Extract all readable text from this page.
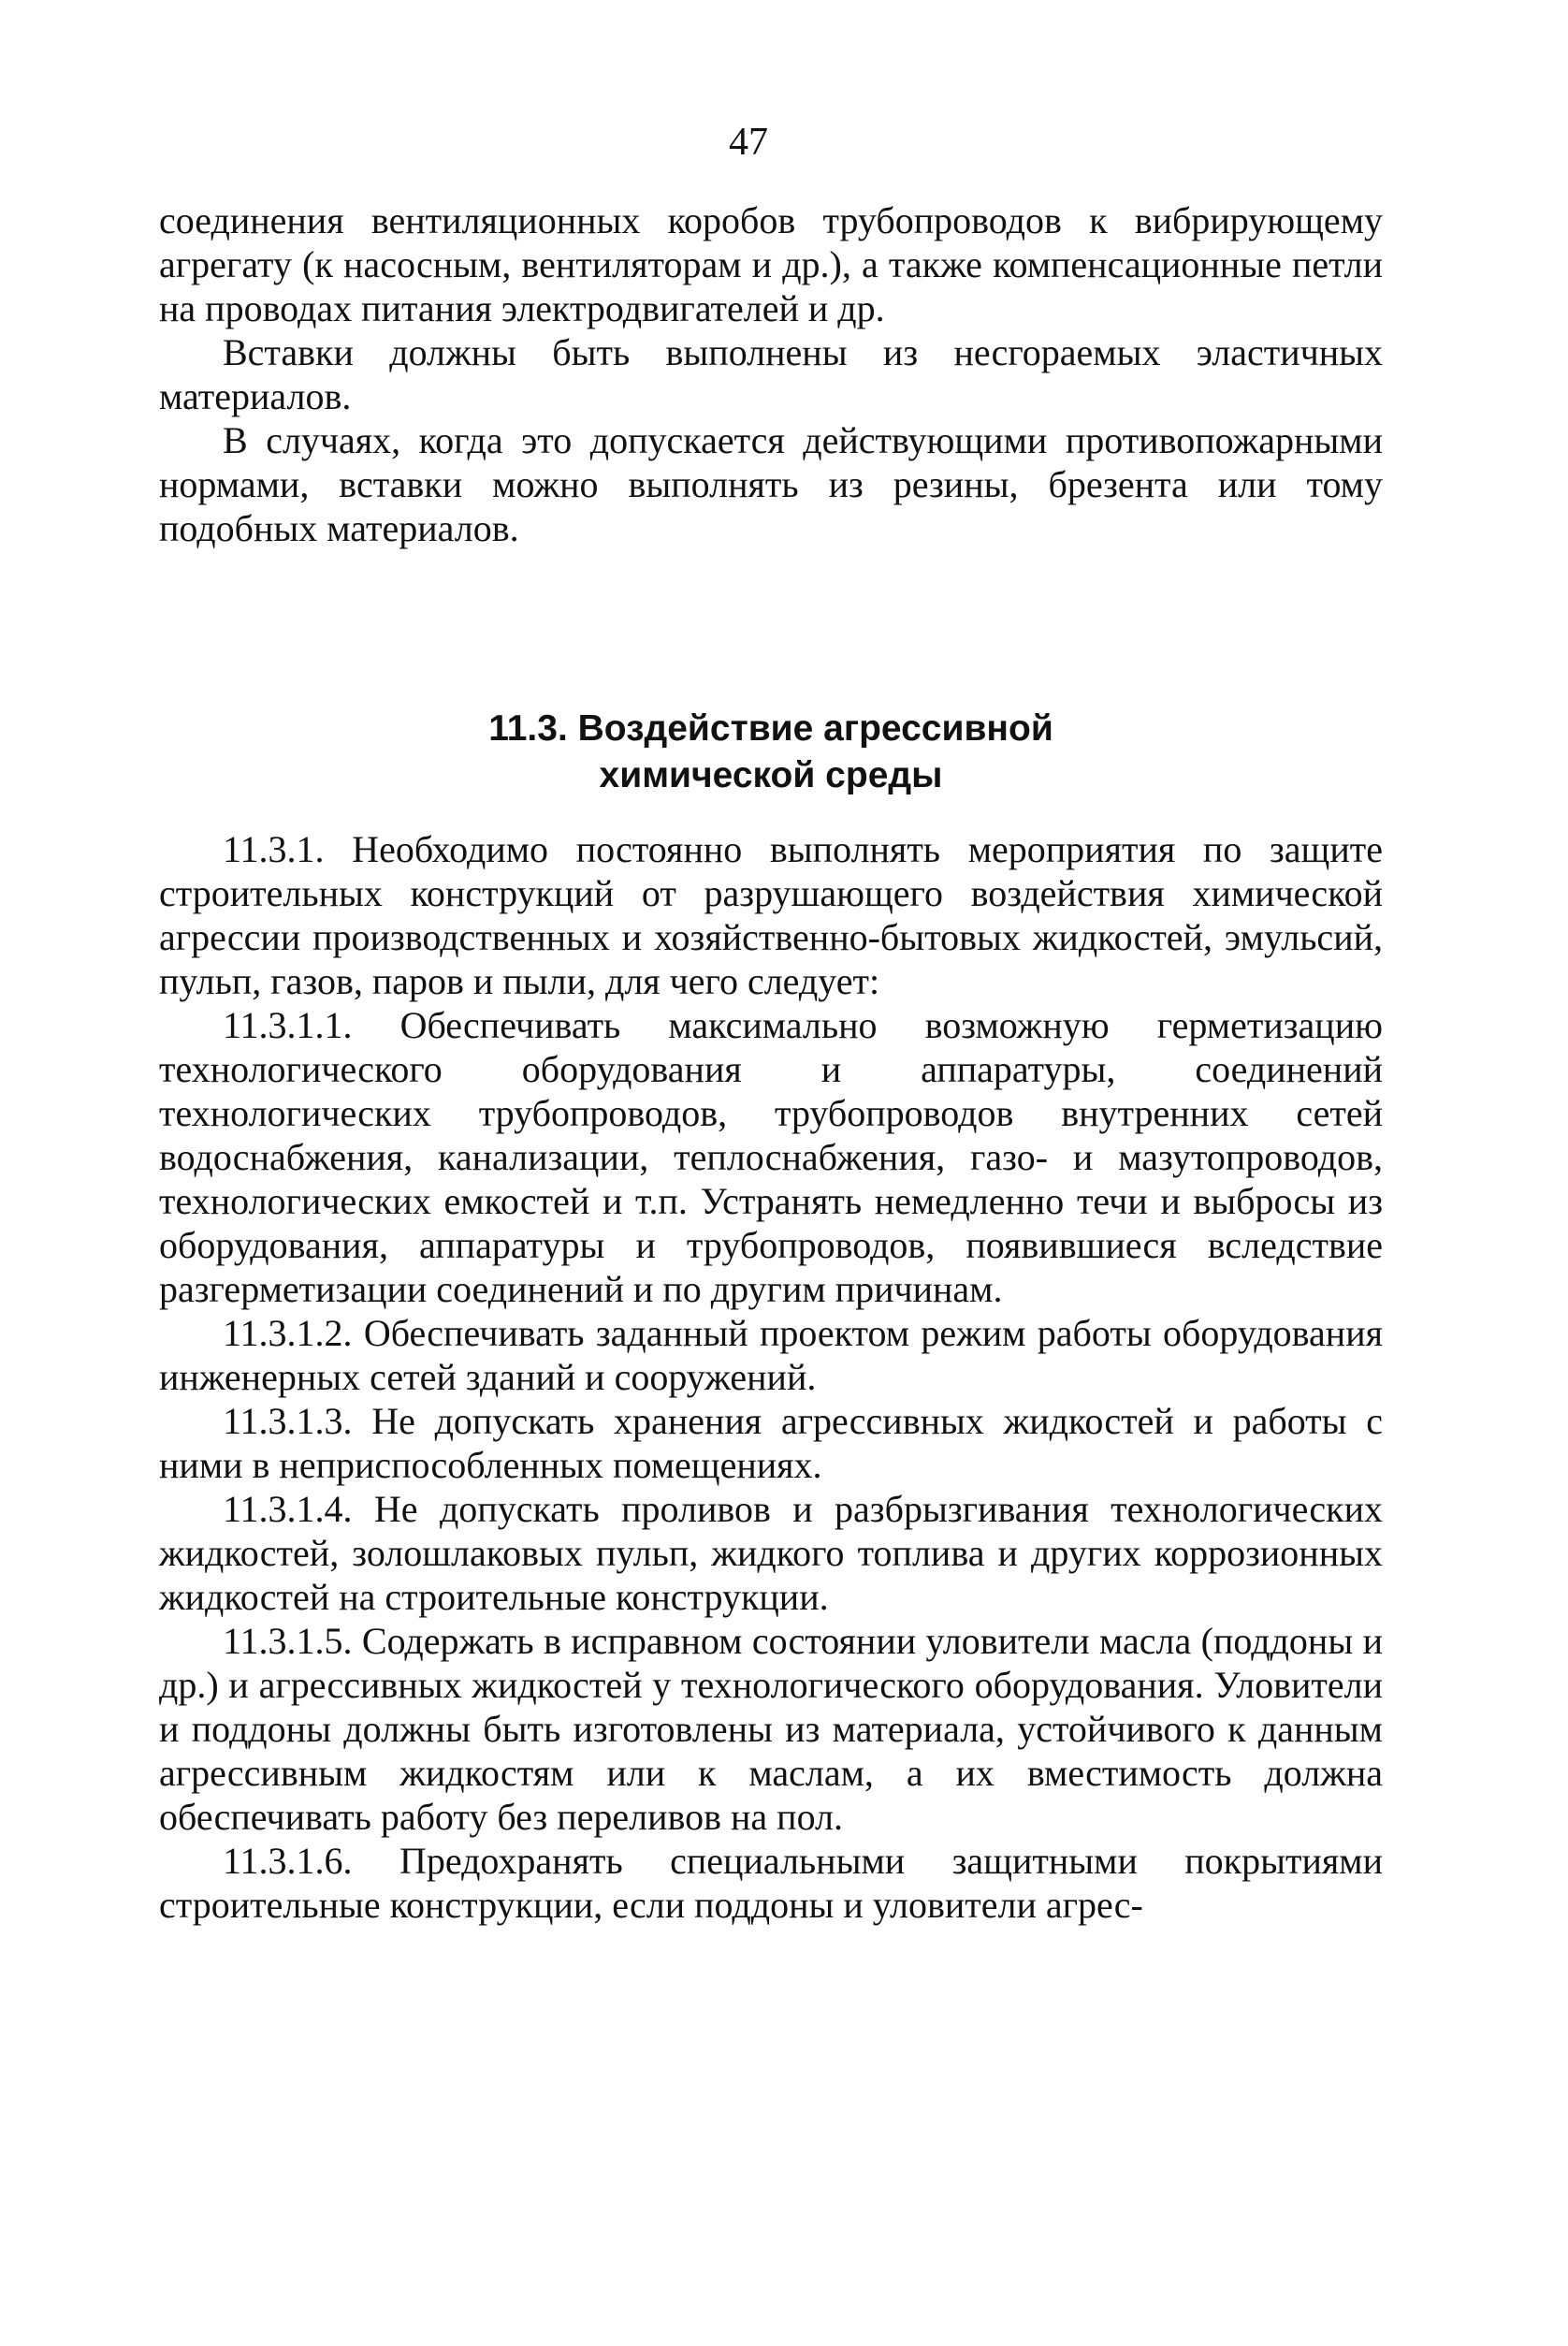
47

соединения вентиляционных коробов трубопроводов к вибрирующему агрегату (к насосным, вентиляторам и др.), а также компенсационные петли на проводах питания электродвигателей и др.

Вставки должны быть выполнены из несгораемых эластичных материалов.

В случаях, когда это допускается действующими противопожарными нормами, вставки можно выполнять из резины, брезента или тому подобных материалов.

11.3. Воздействие агрессивной
химической среды

11.3.1. Необходимо постоянно выполнять мероприятия по защите строительных конструкций от разрушающего воздействия химической агрессии производственных и хозяйственно-бытовых жидкостей, эмульсий, пульп, газов, паров и пыли, для чего следует:

11.3.1.1. Обеспечивать максимально возможную герметизацию технологического оборудования и аппаратуры, соединений технологических трубопроводов, трубопроводов внутренних сетей водоснабжения, канализации, теплоснабжения, газо- и мазутопроводов, технологических емкостей и т.п. Устранять немедленно течи и выбросы из оборудования, аппаратуры и трубопроводов, появившиеся вследствие разгерметизации соединений и по другим причинам.

11.3.1.2. Обеспечивать заданный проектом режим работы оборудования инженерных сетей зданий и сооружений.

11.3.1.3. Не допускать хранения агрессивных жидкостей и работы с ними в неприспособленных помещениях.

11.3.1.4. Не допускать проливов и разбрызгивания технологических жидкостей, золошлаковых пульп, жидкого топлива и других коррозионных жидкостей на строительные конструкции.

11.3.1.5. Содержать в исправном состоянии уловители масла (поддоны и др.) и агрессивных жидкостей у технологического оборудования. Уловители и поддоны должны быть изготовлены из материала, устойчивого к данным агрессивным жидкостям или к маслам, а их вместимость должна обеспечивать работу без переливов на пол.

11.3.1.6. Предохранять специальными защитными покрытиями строительные конструкции, если поддоны и уловители агрес-
